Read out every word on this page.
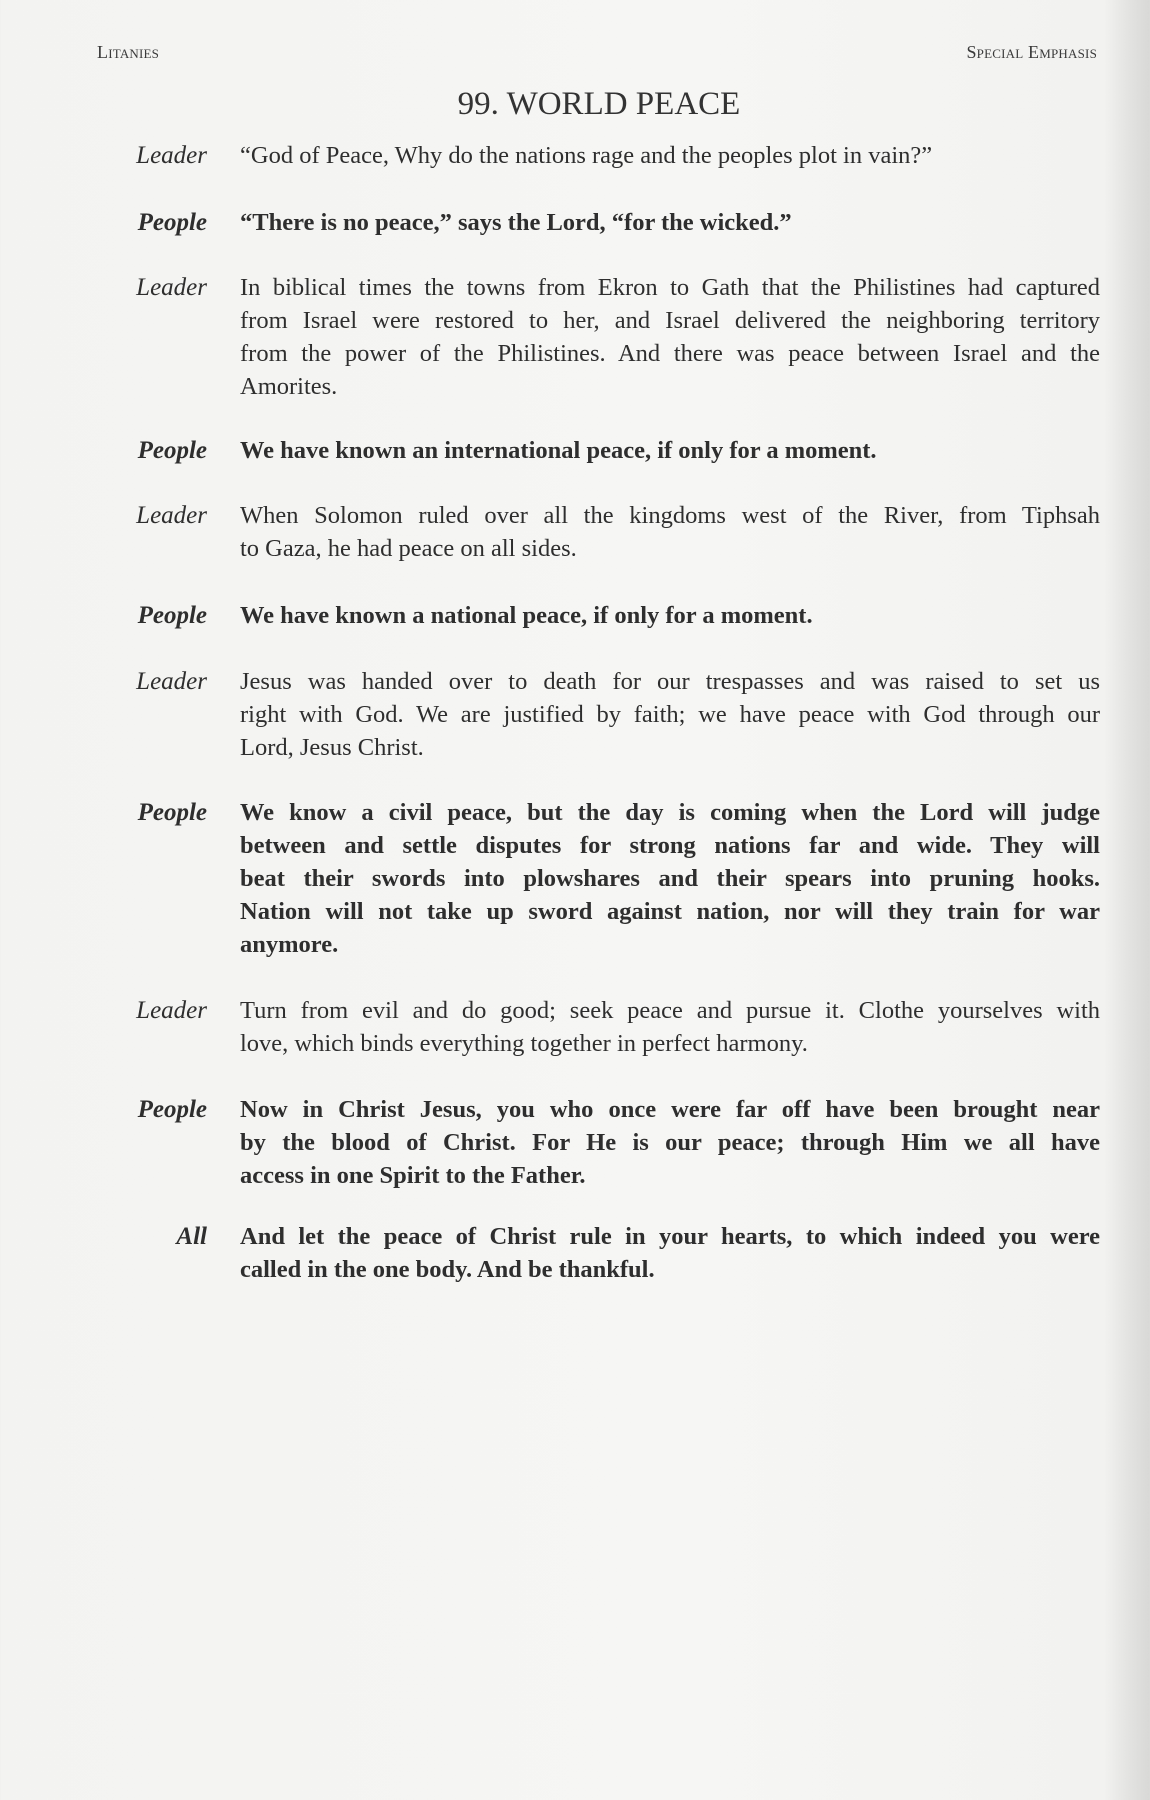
Litanies	Special Emphasis
99. WORLD PEACE
Leader “God of Peace, Why do the nations rage and the peoples plot in vain?”
People “There is no peace,” says the Lord, “for the wicked.”
Leader In biblical times the towns from Ekron to Gath that the Philistines had captured
from Israel were restored to her, and Israel delivered the neighboring territory
from the power of the Philistines. And there was peace between Israel and the
Amorites.
People We have known an international peace, if only for a moment.
Leader When Solomon ruled over all the kingdoms west of the River, from Tiphsah
to Gaza, he had peace on all sides.
People We have known a national peace, if only for a moment.
Leader Jesus was handed over to death for our trespasses and was raised to set us
right with God. We are justified by faith; we have peace with God through our
Lord, Jesus Christ.
People We know a civil peace, but the day is coming when the Lord will judge
between and settle disputes for strong nations far and wide. They will
beat their swords into plowshares and their spears into pruning hooks.
Nation will not take up sword against nation, nor will they train for war
anymore.
Leader Turn from evil and do good; seek peace and pursue it. Clothe yourselves with
love, which binds everything together in perfect harmony.
People Now in Christ Jesus, you who once were far off have been brought near
by the blood of Christ. For He is our peace; through Him we all have
access in one Spirit to the Father.
All And let the peace of Christ rule in your hearts, to which indeed you were
called in the one body. And be thankful.
